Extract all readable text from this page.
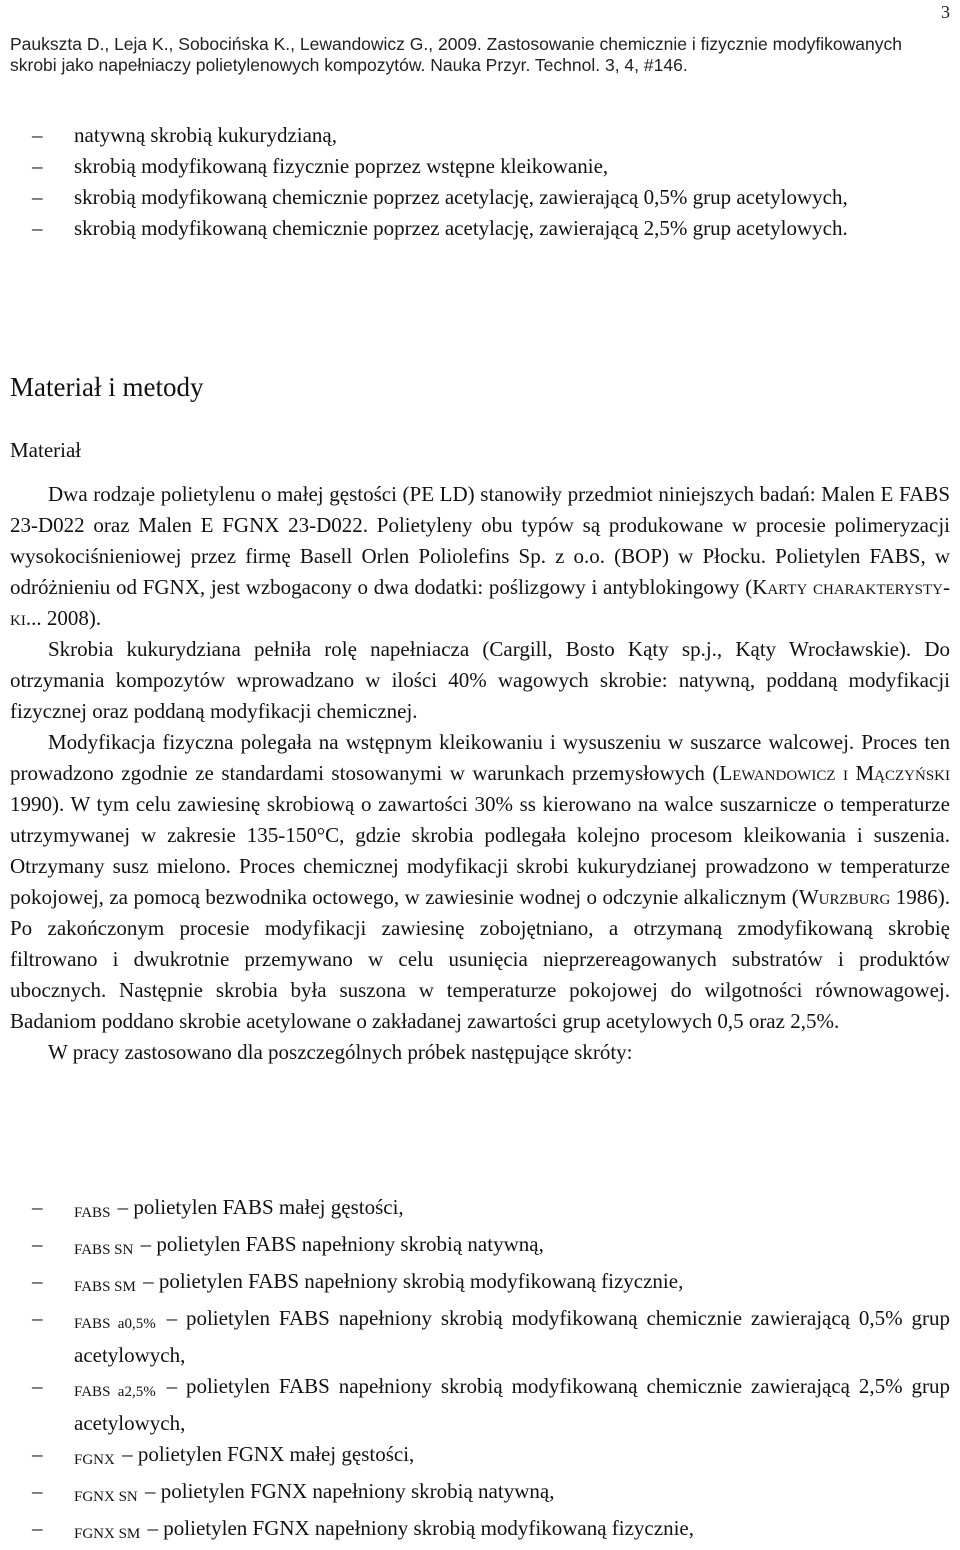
3
Pauksztа D., Leja K., Sobocińska K., Lewandowicz G., 2009. Zastosowanie chemicznie i fizycznie modyfikowanych
skrobi jako napełniaczy polietylenowych kompozytów. Nauka Przyr. Technol. 3, 4, #146.
– natywną skrobią kukurydzianą,
– skrobią modyfikowaną fizycznie poprzez wstępne kleikowanie,
– skrobią modyfikowaną chemicznie poprzez acetylację, zawierającą 0,5% grup acetylowych,
– skrobią modyfikowaną chemicznie poprzez acetylację, zawierającą 2,5% grup acetylowych.
Materiał i metody
Materiał

Dwa rodzaje polietylenu o małej gęstości (PE LD) stanowiły przedmiot niniejszych badań: Malen E FABS 23-D022 oraz Malen E FGNX 23-D022. Polietyleny obu typów są produkowane w procesie polimeryzacji wysokociśnieniowej przez firmę Basell Orlen Poliolefins Sp. z o.o. (BOP) w Płocku. Polietylen FABS, w odróżnieniu od FGNX, jest wzbogacony o dwa dodatki: poślizgowy i antyblokingowy (Karty charakterysty-ki... 2008).

Skrobia kukurydziana pełniła rolę napełniacza (Cargill, Bosto Kąty sp.j., Kąty Wrocławskie). Do otrzymania kompozytów wprowadzano w ilości 40% wagowych skrobie: natywną, poddaną modyfikacji fizycznej oraz poddaną modyfikacji chemicznej.

Modyfikacja fizyczna polegała na wstępnym kleikowaniu i wysuszeniu w suszarce walcowej. Proces ten prowadzono zgodnie ze standardami stosowanymi w warunkach przemysłowych (Lewandowicz i Mączyński 1990). W tym celu zawiesinę skrobiową o zawartości 30% ss kierowano na walce suszarnicze o temperaturze utrzymywanej w zakresie 135-150°C, gdzie skrobia podlegała kolejno procesom kleikowania i suszenia. Otrzymany susz mielono. Proces chemicznej modyfikacji skrobi kukurydzianej prowadzono w temperaturze pokojowej, za pomocą bezwodnika octowego, w zawiesinie wodnej o odczynie alkalicznym (Wurzburg 1986). Po zakończonym procesie modyfikacji zawiesinę zobojętniano, a otrzymaną zmodyfikowaną skrobię filtrowano i dwukrotnie przemywano w celu usunięcia nieprzereagowanych substratów i produktów ubocznych. Następnie skrobia była suszona w temperaturze pokojowej do wilgotności równowagowej. Badaniom poddano skrobie acetylowane o zakładanej zawartości grup acetylowych 0,5 oraz 2,5%.

W pracy zastosowano dla poszczególnych próbek następujące skróty:

– FABS – polietylen FABS małej gęstości,
– FABS SN – polietylen FABS napełniony skrobią natywną,
– FABS SM – polietylen FABS napełniony skrobią modyfikowaną fizycznie,
– FABS a0,5% – polietylen FABS napełniony skrobią modyfikowaną chemicznie zawierającą 0,5% grup acetylowych,
– FABS a2,5% – polietylen FABS napełniony skrobią modyfikowaną chemicznie zawierającą 2,5% grup acetylowych,
– FGNX – polietylen FGNX małej gęstości,
– FGNX SN – polietylen FGNX napełniony skrobią natywną,
– FGNX SM – polietylen FGNX napełniony skrobią modyfikowaną fizycznie,
